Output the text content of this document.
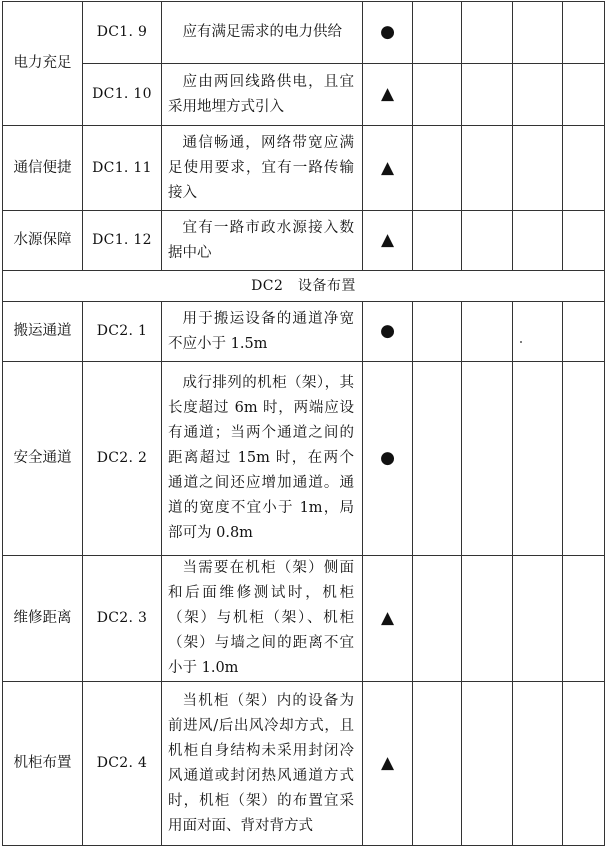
电力充足	DC1. 9	应有满足需求的电力供给	●				
	DC1. 10	应由两回线路供电，且宜采用地埋方式引入	▲				
通信便捷	DC1. 11	通信畅通，网络带宽应满足使用要求，宜有一路传输接入	▲				
水源保障	DC1. 12	宜有一路市政水源接入数据中心	▲				
DC2　设备布置							
搬运通道	DC2. 1	用于搬运设备的通道净宽不应小于 1.5m	●				
安全通道	DC2. 2	成行排列的机柜（架），其长度超过 6m 时，两端应设有通道；当两个通道之间的距离超过 15m 时，在两个通道之间还应增加通道。通道的宽度不宜小于 1m，局部可为 0.8m	●				
维修距离	DC2. 3	当需要在机柜（架）侧面和后面维修测试时，机柜（架）与机柜（架）、机柜（架）与墙之间的距离不宜小于 1.0m	▲				
机柜布置	DC2. 4	当机柜（架）内的设备为前进风/后出风冷却方式，且机柜自身结构未采用封闭冷风通道或封闭热风通道方式时，机柜（架）的布置宜采用面对面、背对背方式	▲				
